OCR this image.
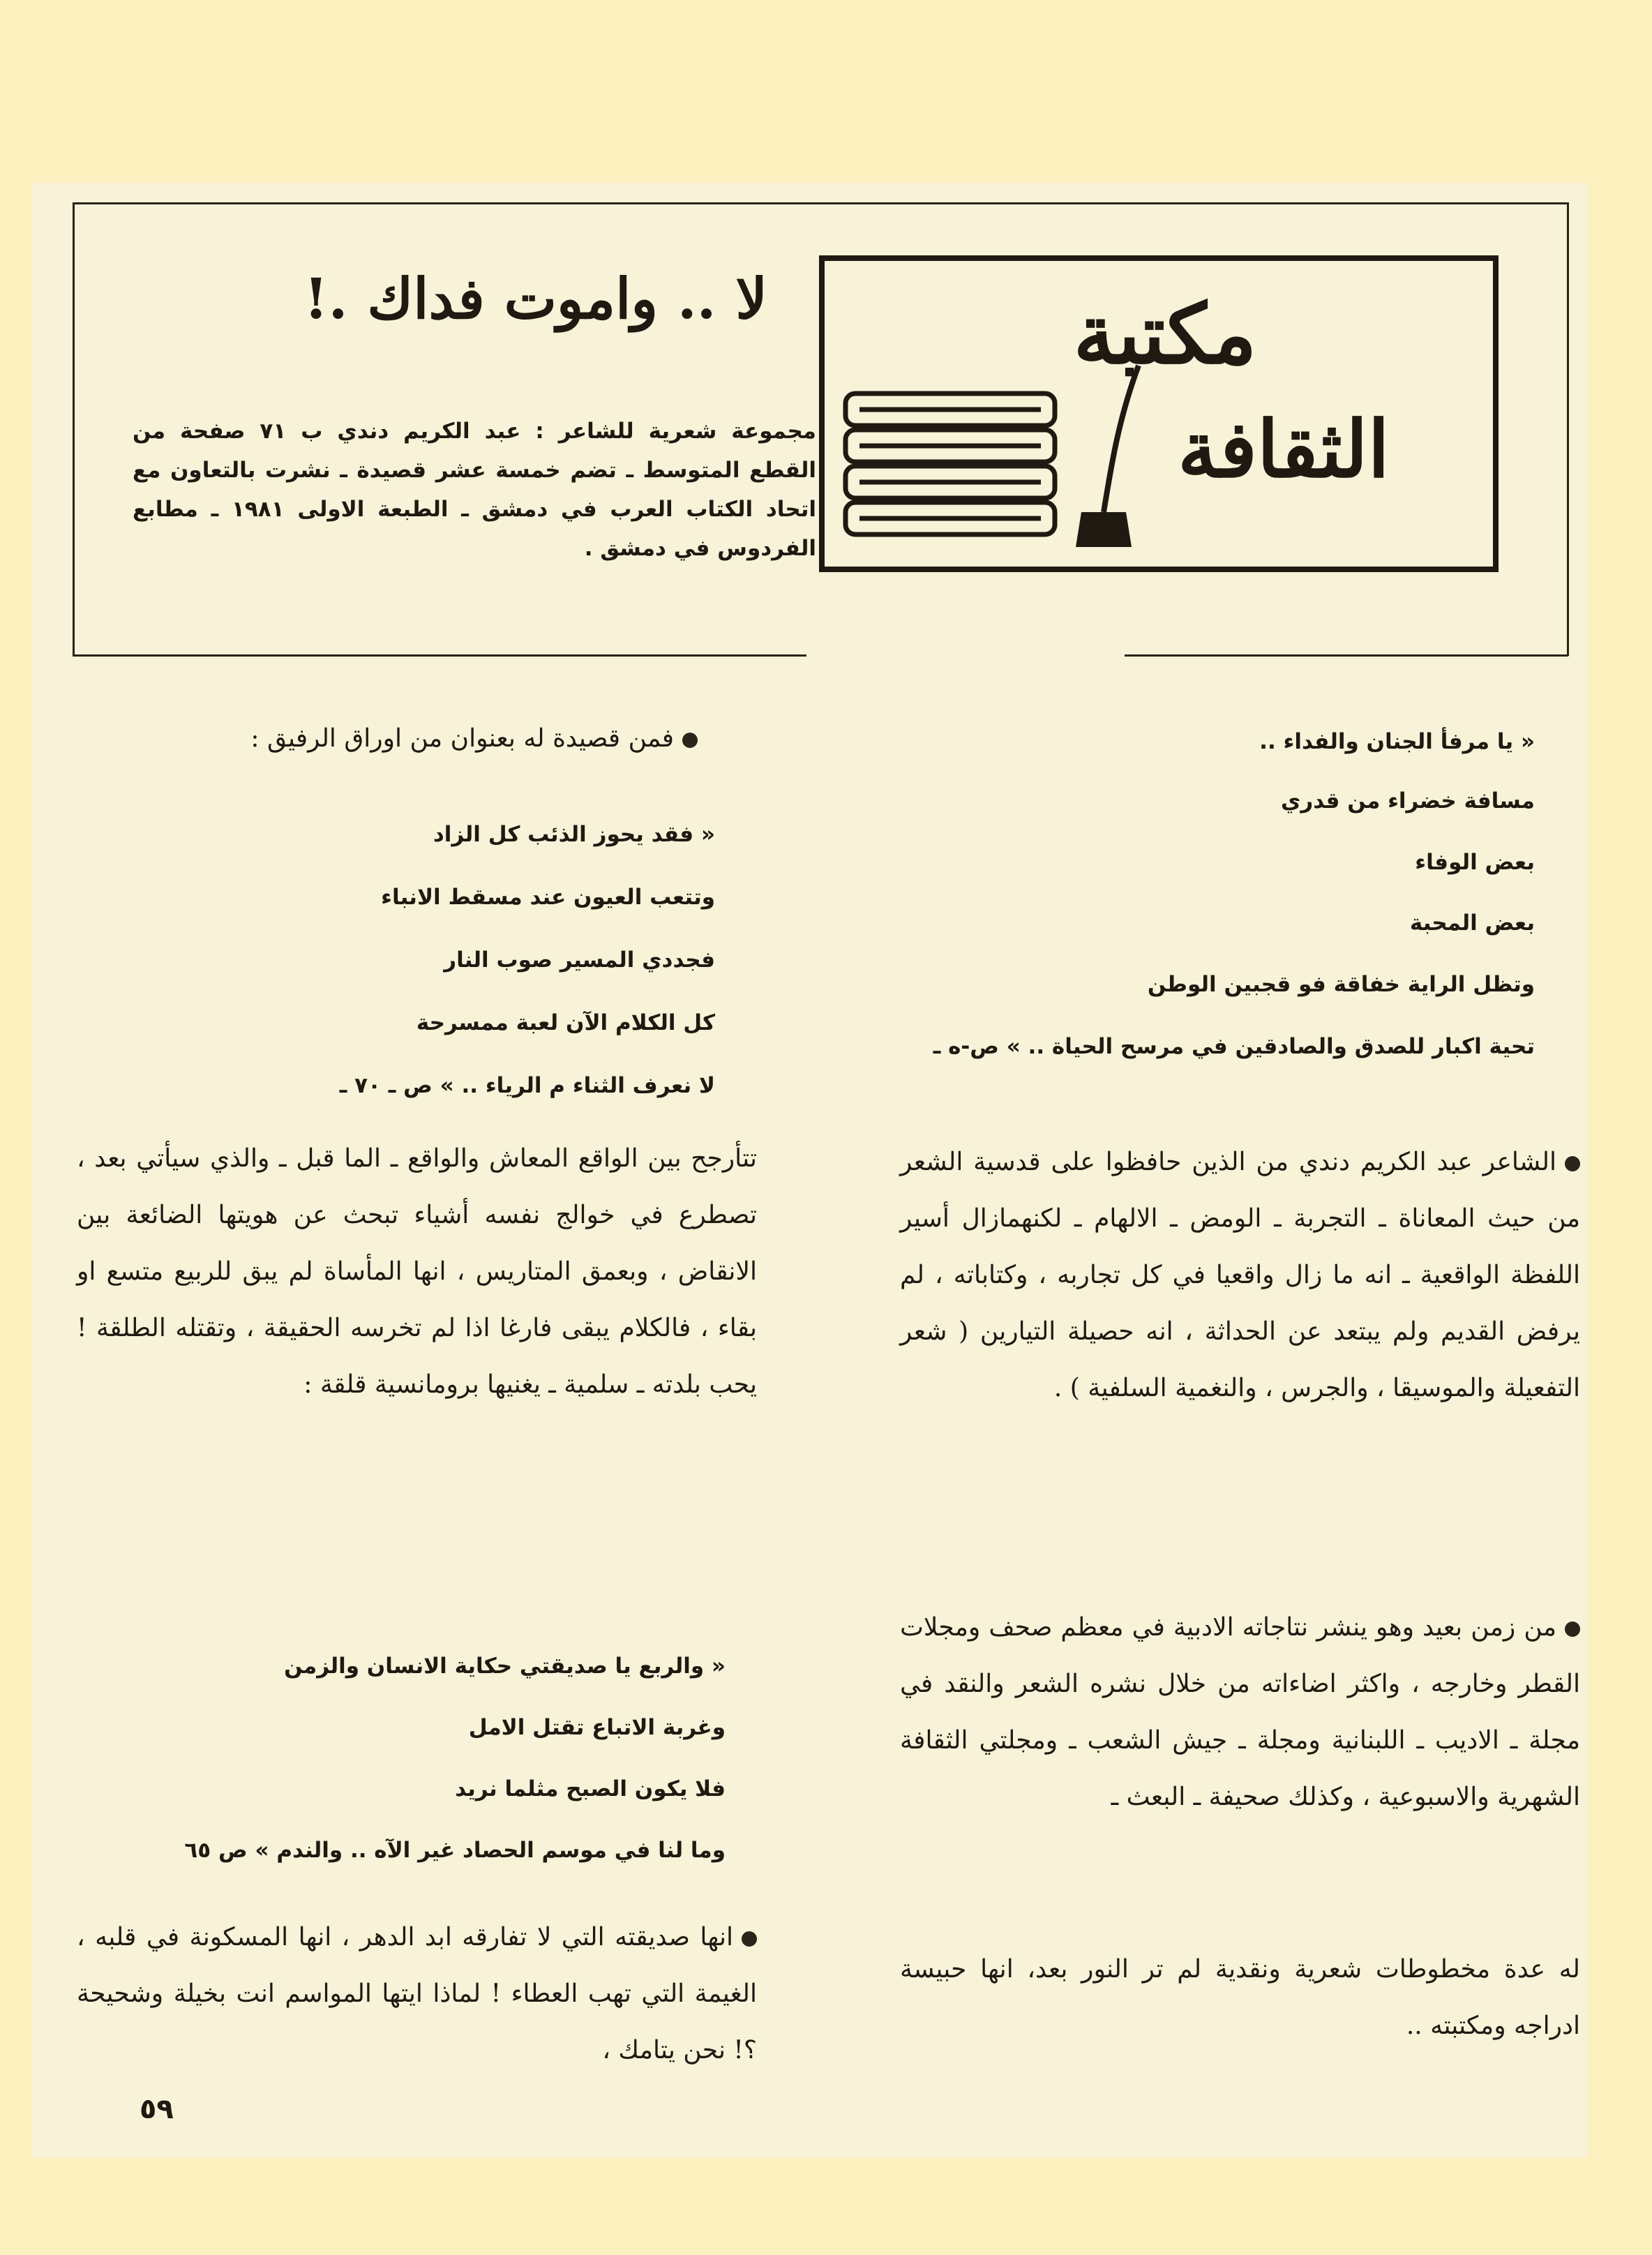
مكتبة
الثقافة
لا .. واموت فداك .!
مجموعة شعرية للشاعر : عبد الكريم دندي ب ٧١ صفحة من القطع المتوسط ـ تضم خمسة عشر قصيدة ـ نشرت بالتعاون مع اتحاد الكتاب العرب في دمشق ـ الطبعة الاولى ١٩٨١ ـ مطابع الفردوس في دمشق .
« يا مرفأ الجنان والفداء ..
مسافة خضراء من قدري
بعض الوفاء
بعض المحبة
وتظل الراية خفاقة فو قجبين الوطن
تحية اكبار للصدق والصادقين في مرسح الحياة .. » ص-ه ـ
الشاعر عبد الكريم دندي من الذين حافظوا على قدسية الشعر من حيث المعاناة ـ التجربة ـ الومض ـ الالهام ـ لكنهمازال أسير اللفظة الواقعية ـ انه ما زال واقعيا في كل تجاربه ، وكتاباته ، لم يرفض القديم ولم يبتعد عن الحداثة ، انه حصيلة التيارين ( شعر التفعيلة والموسيقا ، والجرس ، والنغمية السلفية ) .
من زمن بعيد وهو ينشر نتاجاته الادبية في معظم صحف ومجلات القطر وخارجه ، واكثر اضاءاته من خلال نشره الشعر والنقد في مجلة ـ الاديب ـ اللبنانية ومجلة ـ جيش الشعب ـ ومجلتي الثقافة الشهرية والاسبوعية ، وكذلك صحيفة ـ البعث ـ
له عدة مخطوطات شعرية ونقدية لم تر النور بعد، انها حبيسة ادراجه ومكتبته ..
فمن قصيدة له بعنوان من اوراق الرفيق :
« فقد يحوز الذئب كل الزاد
وتتعب العيون عند مسقط الانباء
فجددي المسير صوب النار
كل الكلام الآن لعبة ممسرحة
لا نعرف الثناء م الرياء .. » ص ـ ٧٠ ـ
تتأرجح بين الواقع المعاش والواقع ـ الما قبل ـ والذي سيأتي بعد ، تصطرع في خوالج نفسه أشياء تبحث عن هويتها الضائعة بين الانقاض ، وبعمق المتاريس ، انها المأساة لم يبق للربيع متسع او بقاء ، فالكلام يبقى فارغا اذا لم تخرسه الحقيقة ، وتقتله الطلقة ! يحب بلدته ـ سلمية ـ يغنيها برومانسية قلقة :
« والربع يا صديقتي حكاية الانسان والزمن
وغربة الاتباع تقتل الامل
فلا يكون الصبح مثلما نريد
وما لنا في موسم الحصاد غير الآه .. والندم » ص ٦٥
انها صديقته التي لا تفارقه ابد الدهر ، انها المسكونة في قلبه ، الغيمة التي تهب العطاء ! لماذا ايتها المواسم انت بخيلة وشحيحة ؟! نحن يتامك ،
٥٩
